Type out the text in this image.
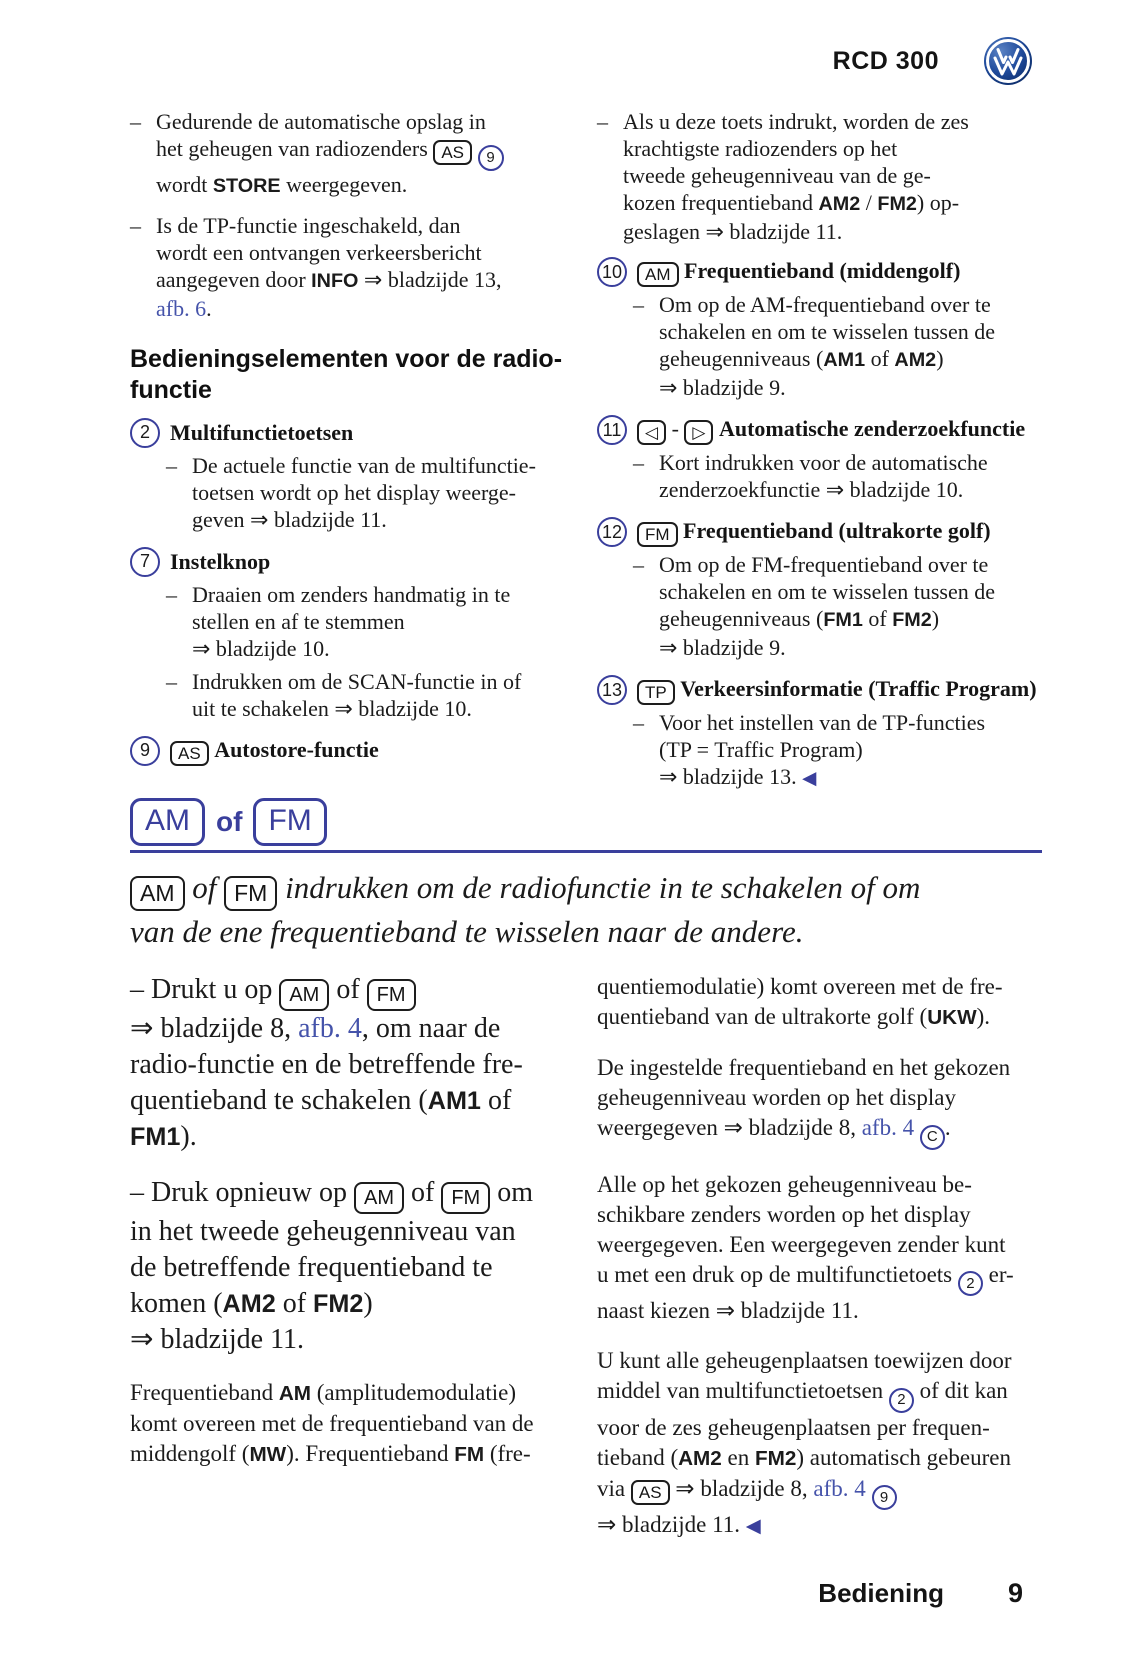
RCD 300
– Gedurende de automatische opslag in
het geheugen van radiozenders AS 9
wordt STORE weergegeven.
– Is de TP-functie ingeschakeld, dan
wordt een ontvangen verkeersbericht
aangegeven door INFO ⇒ bladzijde 13,
afb. 6.
Bedieningselementen voor de radio-
functie
2 Multifunctietoetsen
– De actuele functie van de multifunctie-
toetsen wordt op het display weerge-
geven ⇒ bladzijde 11.
7 Instelknop
– Draaien om zenders handmatig in te
stellen en af te stemmen
⇒ bladzijde 10.
– Indrukken om de SCAN-functie in of
uit te schakelen ⇒ bladzijde 10.
9	AS Autostore-functie
– Als u deze toets indrukt, worden de zes
krachtigste radiozenders op het
tweede geheugenniveau van de ge-
kozen frequentieband AM2 / FM2) op-
geslagen ⇒ bladzijde 11.
10	AM Frequentieband (middengolf)
– Om op de AM-frequentieband over te
schakelen en om te wisselen tussen de
geheugenniveaus (AM1 of AM2)
⇒ bladzijde 9.
11	◁ - ▷ Automatische zenderzoekfunctie
– Kort indrukken voor de automatische
zenderzoekfunctie ⇒ bladzijde 10.
12	FM Frequentieband (ultrakorte golf)
– Om op de FM-frequentieband over te
schakelen en om te wisselen tussen de
geheugenniveaus (FM1 of FM2)
⇒ bladzijde 9.
13	TP Verkeersinformatie (Traffic Program)
– Voor het instellen van de TP-functies
(TP = Traffic Program)
⇒ bladzijde 13. ◀
AM of FM
AM of FM indrukken om de radiofunctie in te schakelen of om
van de ene frequentieband te wisselen naar de andere.

– Drukt u op AM of FM
⇒ bladzijde 8, afb. 4, om naar de
radio-functie en de betreffende fre-
quentieband te schakelen (AM1 of
FM1).

– Druk opnieuw op AM of FM om
in het tweede geheugenniveau van
de betreffende frequentieband te
komen (AM2 of FM2)
⇒ bladzijde 11.

Frequentieband AM (amplitudemodulatie)
komt overeen met de frequentieband van de
middengolf (MW). Frequentieband FM (fre-

quentiemodulatie) komt overeen met de fre-
quentieband van de ultrakorte golf (UKW).

De ingestelde frequentieband en het gekozen
geheugenniveau worden op het display
weergegeven ⇒ bladzijde 8, afb. 4 C .

Alle op het gekozen geheugenniveau be-
schikbare zenders worden op het display
weergegeven. Een weergegeven zender kunt
u met een druk op de multifunctietoets 2 er-
naast kiezen ⇒ bladzijde 11.

U kunt alle geheugenplaatsen toewijzen door
middel van multifunctietoetsen 2 of dit kan
voor de zes geheugenplaatsen per frequen-
tieband (AM2 en FM2) automatisch gebeuren
via AS ⇒ bladzijde 8, afb. 4 9
⇒ bladzijde 11. ◀

Bediening 9
